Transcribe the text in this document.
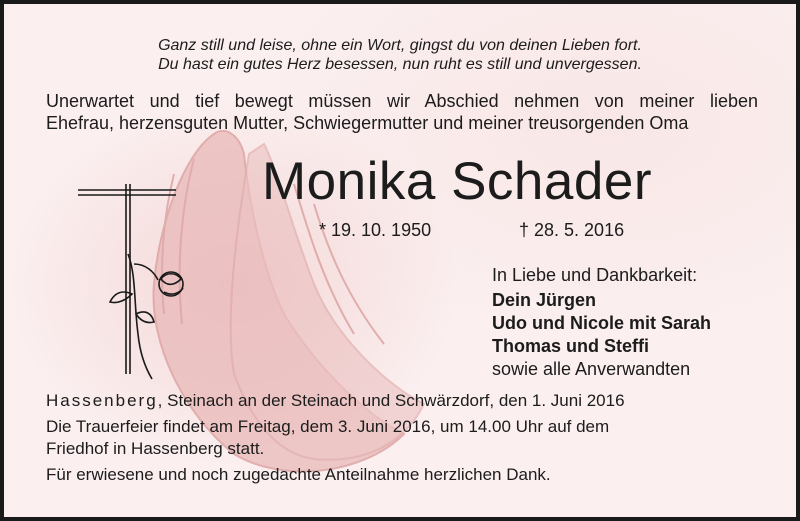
Ganz still und leise, ohne ein Wort, gingst du von deinen Lieben fort.
Du hast ein gutes Herz besessen, nun ruht es still und unvergessen.
Unerwartet und tief bewegt müssen wir Abschied nehmen von meiner lieben
Ehefrau, herzensguten Mutter, Schwiegermutter und meiner treusorgenden Oma
Monika Schader
* 19. 10. 1950	† 28. 5. 2016
In Liebe und Dankbarkeit:
Dein Jürgen
Udo und Nicole mit Sarah
Thomas und Steffi
sowie alle Anverwandten
Hassenberg, Steinach an der Steinach und Schwärzdorf, den 1. Juni 2016
Die Trauerfeier findet am Freitag, dem 3. Juni 2016, um 14.00 Uhr auf dem
Friedhof in Hassenberg statt.
Für erwiesene und noch zugedachte Anteilnahme herzlichen Dank.
